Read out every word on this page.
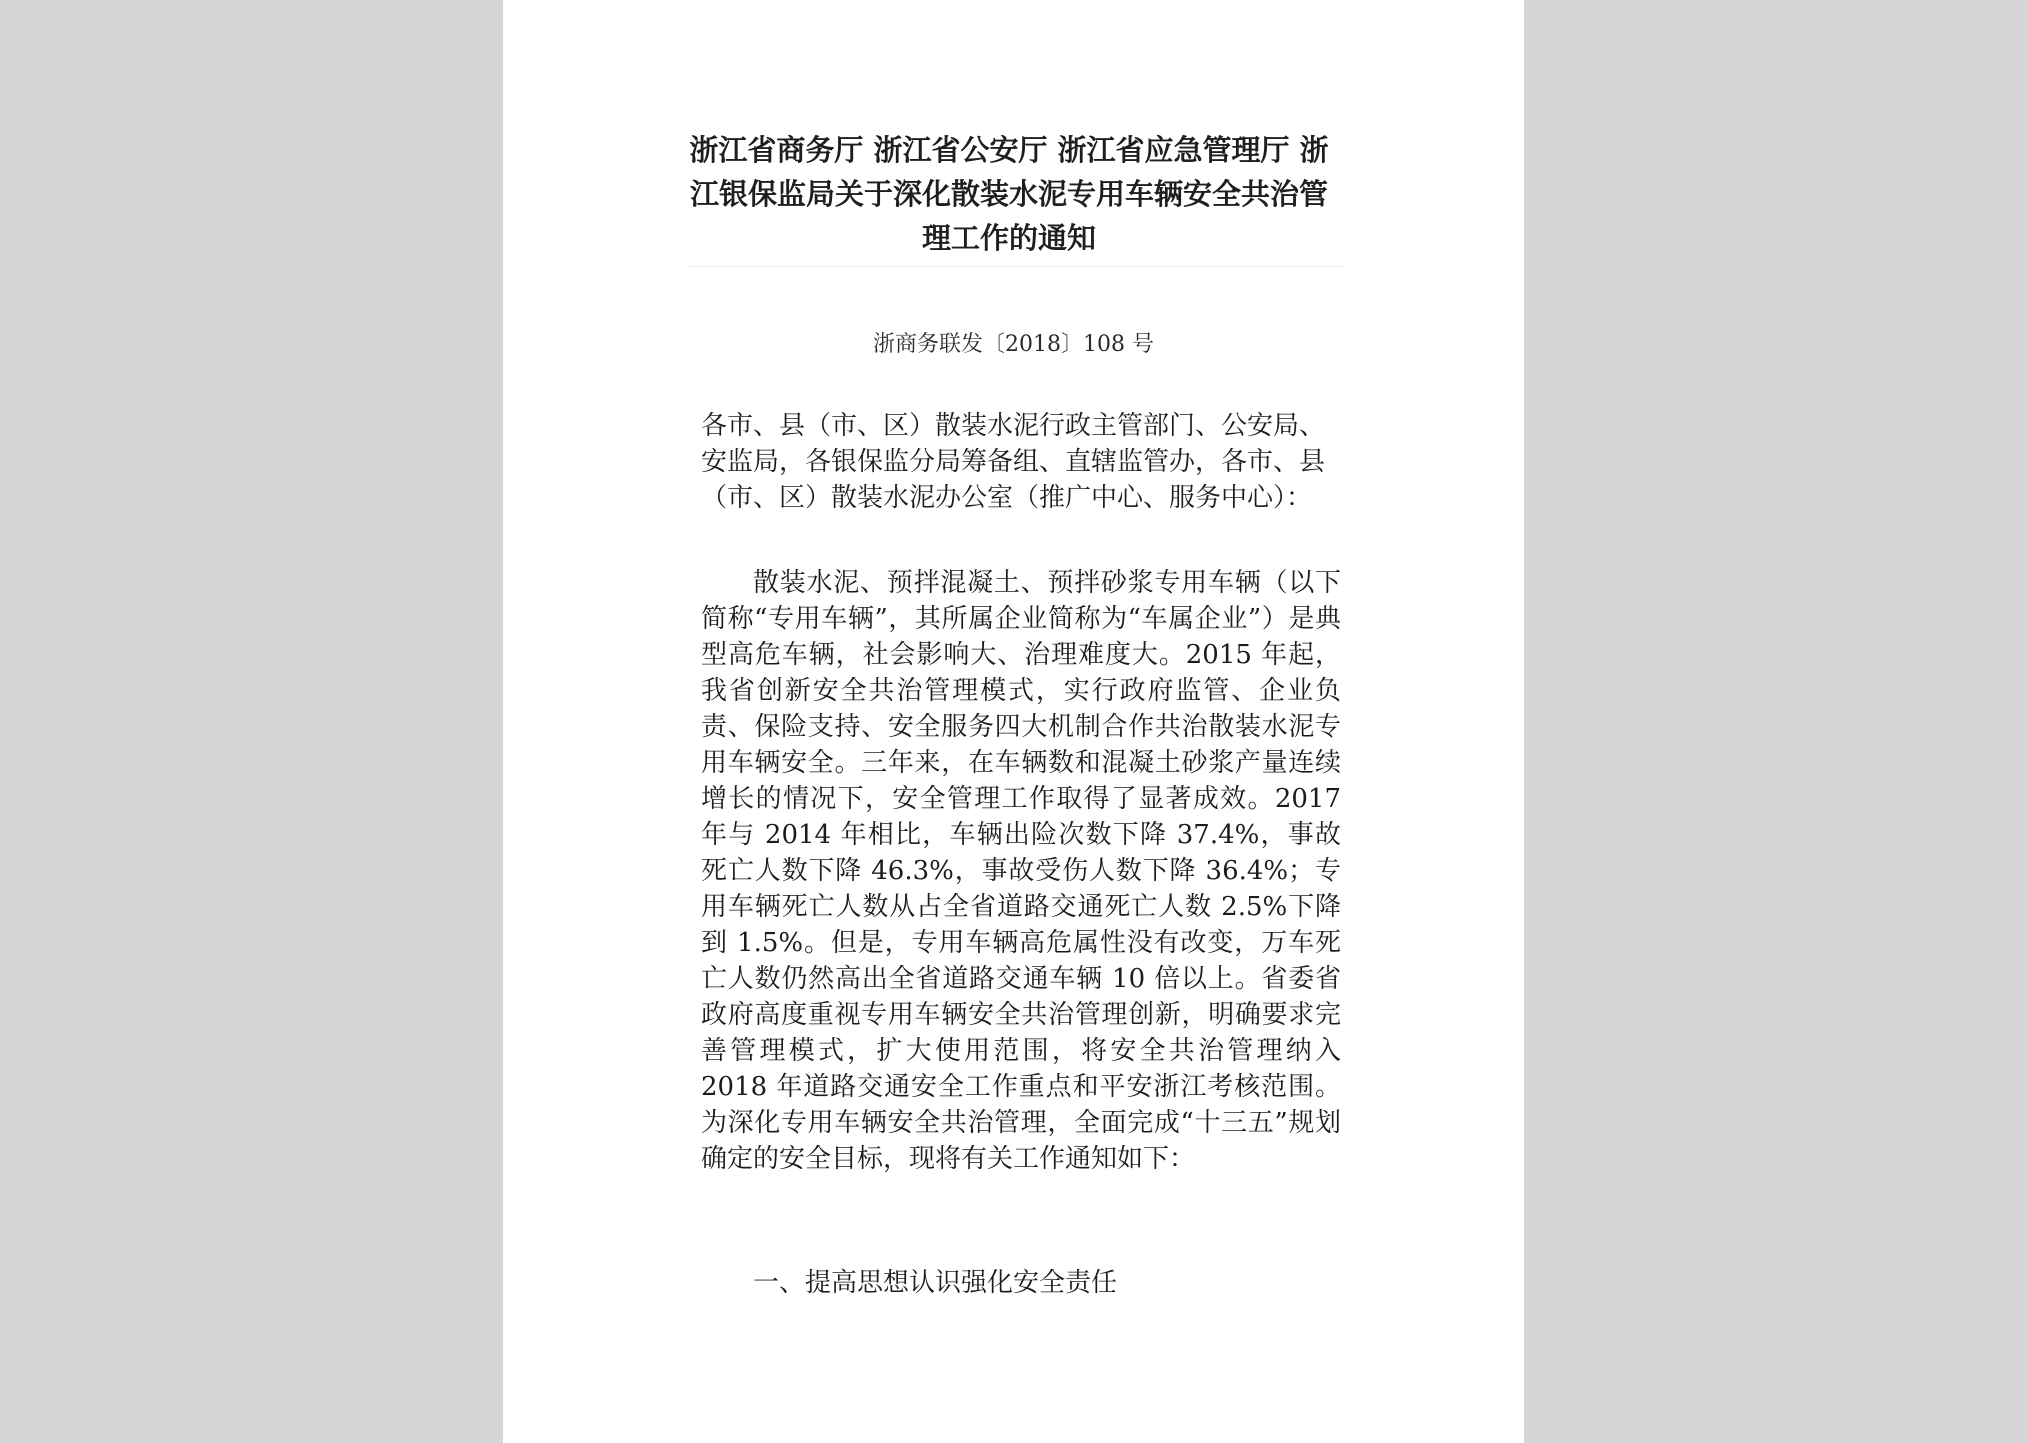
浙江省商务厅 浙江省公安厅 浙江省应急管理厅 浙江银保监局关于深化散装水泥专用车辆安全共治管理工作的通知
浙商务联发〔2018〕108 号
各市、县（市、区）散装水泥行政主管部门、公安局、安监局，各银保监分局筹备组、直辖监管办，各市、县（市、区）散装水泥办公室（推广中心、服务中心）：
散装水泥、预拌混凝土、预拌砂浆专用车辆（以下简称“专用车辆”，其所属企业简称为“车属企业”）是典型高危车辆，社会影响大、治理难度大。2015 年起，我省创新安全共治管理模式，实行政府监管、企业负责、保险支持、安全服务四大机制合作共治散装水泥专用车辆安全。三年来，在车辆数和混凝土砂浆产量连续增长的情况下，安全管理工作取得了显著成效。2017 年与 2014 年相比，车辆出险次数下降 37.4%，事故死亡人数下降 46.3%，事故受伤人数下降 36.4%；专用车辆死亡人数从占全省道路交通死亡人数 2.5%下降到 1.5%。但是，专用车辆高危属性没有改变，万车死亡人数仍然高出全省道路交通车辆 10 倍以上。省委省政府高度重视专用车辆安全共治管理创新，明确要求完善管理模式，扩大使用范围，将安全共治管理纳入 2018 年道路交通安全工作重点和平安浙江考核范围。为深化专用车辆安全共治管理，全面完成“十三五”规划确定的安全目标，现将有关工作通知如下：
一、提高思想认识强化安全责任
